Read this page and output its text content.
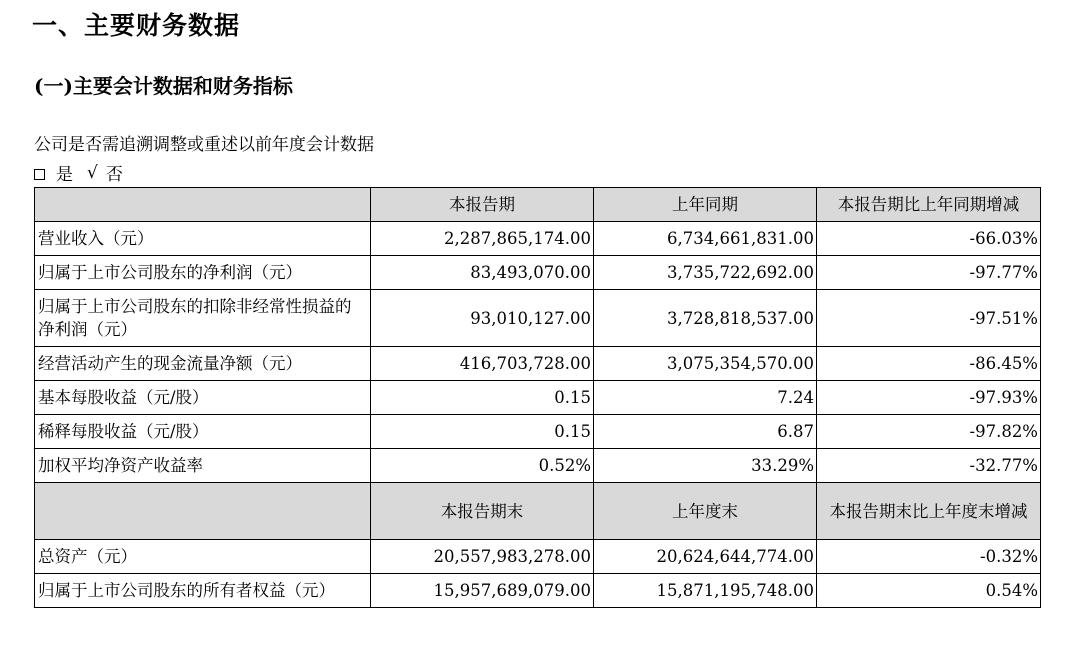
一、主要财务数据
(一)主要会计数据和财务指标
公司是否需追溯调整或重述以前年度会计数据
是 √ 否
	本报告期	上年同期	本报告期比上年同期增减
营业收入（元）	2,287,865,174.00	6,734,661,831.00	-66.03%
归属于上市公司股东的净利润（元）	83,493,070.00	3,735,722,692.00	-97.77%
归属于上市公司股东的扣除非经常性损益的净利润（元）	93,010,127.00	3,728,818,537.00	-97.51%
经营活动产生的现金流量净额（元）	416,703,728.00	3,075,354,570.00	-86.45%
基本每股收益（元/股）	0.15	7.24	-97.93%
稀释每股收益（元/股）	0.15	6.87	-97.82%
加权平均净资产收益率	0.52%	33.29%	-32.77%
	本报告期末	上年度末	本报告期末比上年度末增减
总资产（元）	20,557,983,278.00	20,624,644,774.00	-0.32%
归属于上市公司股东的所有者权益（元）	15,957,689,079.00	15,871,195,748.00	0.54%
